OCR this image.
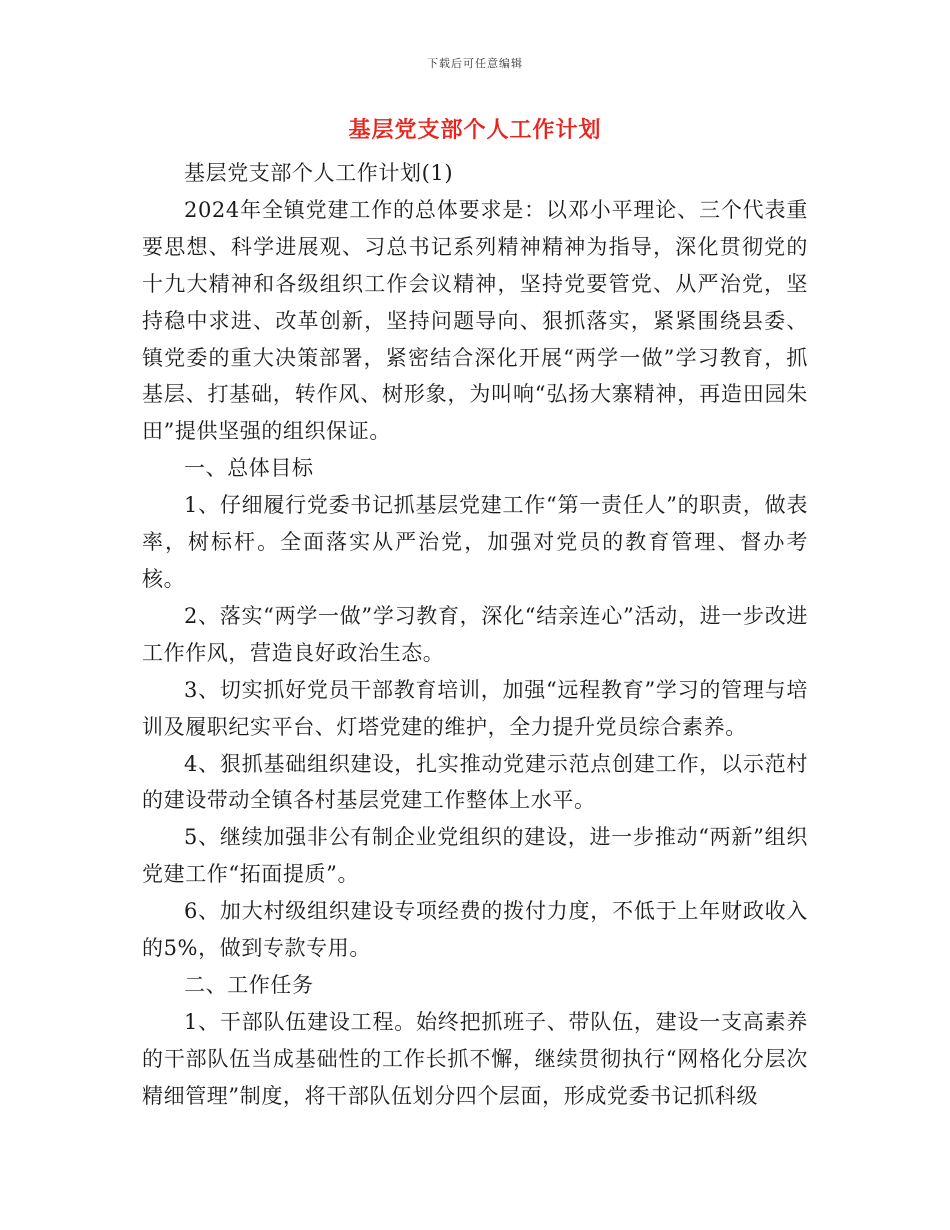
下载后可任意编辑
基层党支部个人工作计划

基层党支部个人工作计划(1)

2024年全镇党建工作的总体要求是：以邓小平理论、三个代表重要思想、科学进展观、习总书记系列精神精神为指导，深化贯彻党的十九大精神和各级组织工作会议精神，坚持党要管党、从严治党，坚持稳中求进、改革创新，坚持问题导向、狠抓落实，紧紧围绕县委、镇党委的重大决策部署，紧密结合深化开展“两学一做”学习教育，抓基层、打基础，转作风、树形象，为叫响“弘扬大寨精神，再造田园朱田”提供坚强的组织保证。

一、总体目标

1、仔细履行党委书记抓基层党建工作“第一责任人”的职责，做表率，树标杆。全面落实从严治党，加强对党员的教育管理、督办考核。

2、落实“两学一做”学习教育，深化“结亲连心”活动，进一步改进工作作风，营造良好政治生态。

3、切实抓好党员干部教育培训，加强“远程教育”学习的管理与培训及履职纪实平台、灯塔党建的维护，全力提升党员综合素养。

4、狠抓基础组织建设，扎实推动党建示范点创建工作，以示范村的建设带动全镇各村基层党建工作整体上水平。

5、继续加强非公有制企业党组织的建设，进一步推动“两新”组织党建工作“拓面提质”。

6、加大村级组织建设专项经费的拨付力度，不低于上年财政收入的5%，做到专款专用。

二、工作任务

1、干部队伍建设工程。始终把抓班子、带队伍，建设一支高素养的干部队伍当成基础性的工作长抓不懈，继续贯彻执行“网格化分层次精细管理”制度，将干部队伍划分四个层面，形成党委书记抓科级
